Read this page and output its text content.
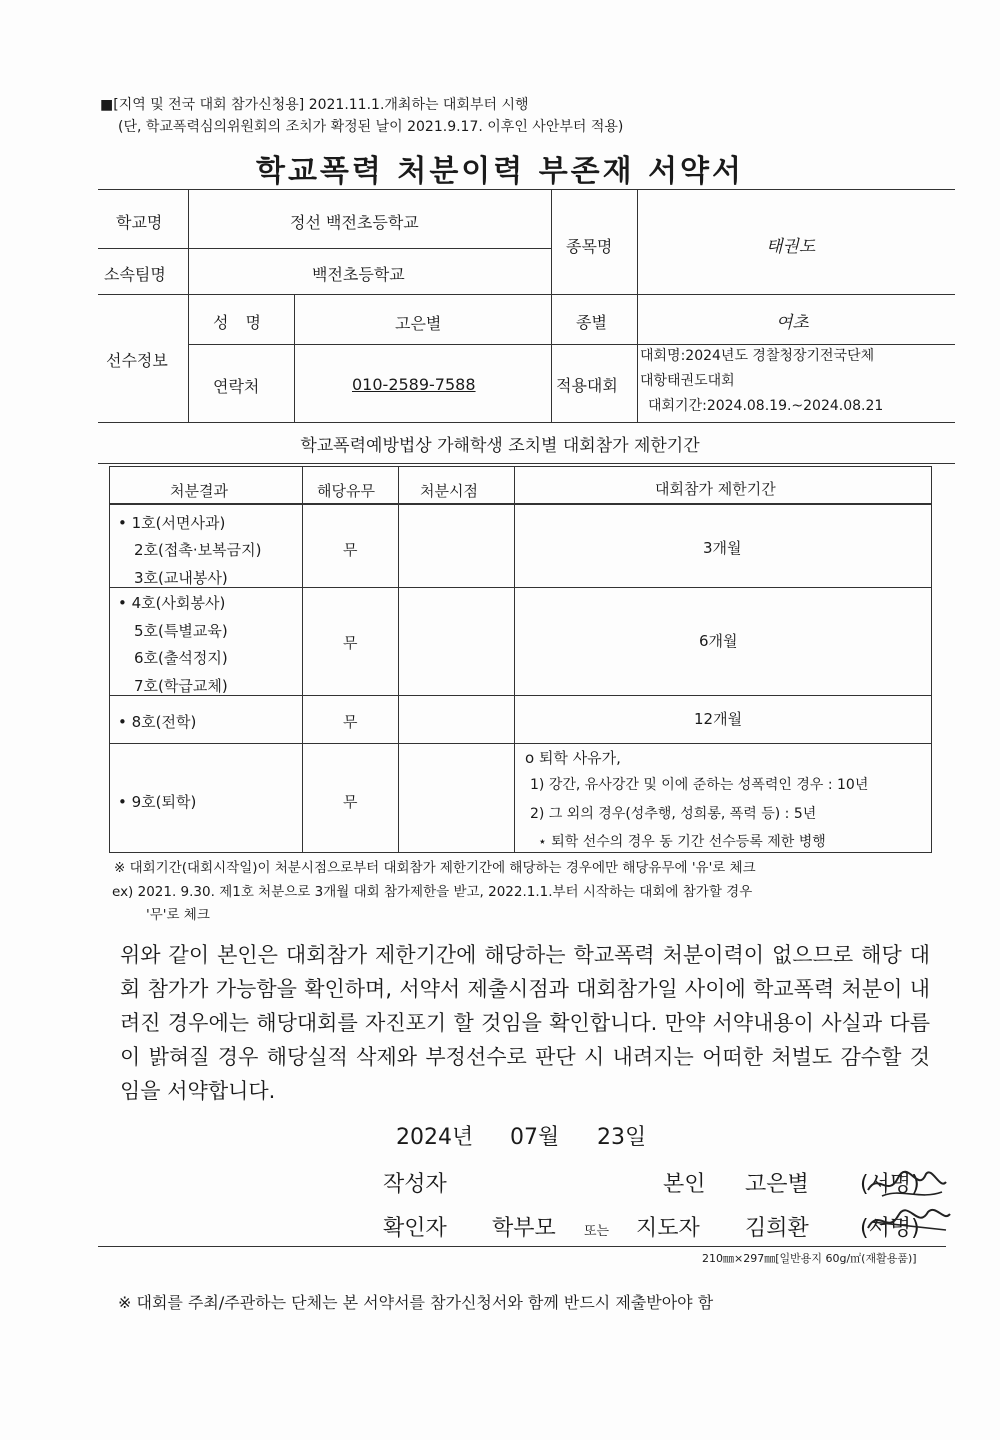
■[지역 및 전국 대회 참가신청용] 2021.11.1.개최하는 대회부터 시행
(단, 학교폭력심의위원회의 조치가 확정된 날이 2021.9.17. 이후인 사안부터 적용)
학교폭력 처분이력 부존재 서약서
학교명	정선 백전초등학교
소속팀명	백전초등학교
종목명	태권도
선수정보
성 명	고은별	종별	여초
연락처	010-2589-7588	적용대회
대회명:2024년도 경찰청장기전국단체
대항태권도대회
대회기간:2024.08.19.~2024.08.21
학교폭력예방법상 가해학생 조치별 대회참가 제한기간
처분결과	해당유무	처분시점	대회참가 제한기간
• 1호(서면사과)
2호(접촉·보복금지)
3호(교내봉사)
무	3개월
• 4호(사회봉사)
5호(특별교육)
6호(출석정지)
7호(학급교체)
무	6개월
• 8호(전학)	무	12개월
• 9호(퇴학)	무
o 퇴학 사유가,
1) 강간, 유사강간 및 이에 준하는 성폭력인 경우 : 10년
2) 그 외의 경우(성추행, 성희롱, 폭력 등) : 5년
⋆ 퇴학 선수의 경우 동 기간 선수등록 제한 병행
※ 대회기간(대회시작일)이 처분시점으로부터 대회참가 제한기간에 해당하는 경우에만 해당유무에 '유'로 체크
ex) 2021. 9.30. 제1호 처분으로 3개월 대회 참가제한을 받고, 2022.1.1.부터 시작하는 대회에 참가할 경우
'무'로 체크
위와 같이 본인은 대회참가 제한기간에 해당하는 학교폭력 처분이력이 없으므로 해당 대회 참가가 가능함을 확인하며, 서약서 제출시점과 대회참가일 사이에 학교폭력 처분이 내려진 경우에는 해당대회를 자진포기 할 것임을 확인합니다. 만약 서약내용이 사실과 다름이 밝혀질 경우 해당실적 삭제와 부정선수로 판단 시 내려지는 어떠한 처벌도 감수할 것임을 서약합니다.
2024년 07월 23일
작성자	본인 고은별 (서명)
확인자 학부모 또는 지도자 김희환 (서명)
210㎜×297㎜[일반용지 60g/㎡(재활용품)]
※ 대회를 주최/주관하는 단체는 본 서약서를 참가신청서와 함께 반드시 제출받아야 함
